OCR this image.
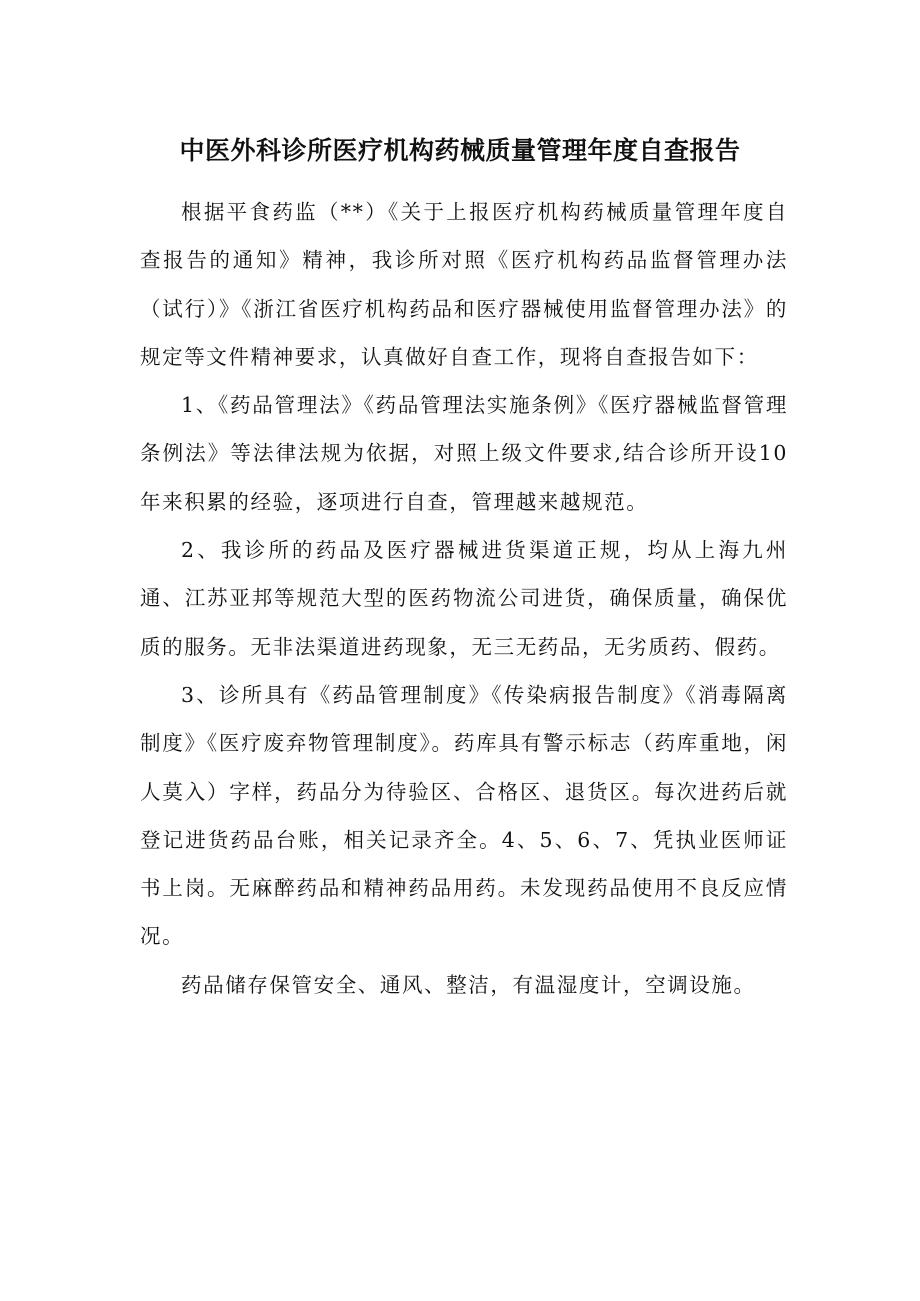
中医外科诊所医疗机构药械质量管理年度自查报告

根据平食药监（**）《关于上报医疗机构药械质量管理年度自查报告的通知》精神，我诊所对照《医疗机构药品监督管理办法（试行）》《浙江省医疗机构药品和医疗器械使用监督管理办法》的规定等文件精神要求，认真做好自查工作，现将自查报告如下：

1、《药品管理法》《药品管理法实施条例》《医疗器械监督管理条例法》等法律法规为依据，对照上级文件要求,结合诊所开设10年来积累的经验，逐项进行自查，管理越来越规范。

2、我诊所的药品及医疗器械进货渠道正规，均从上海九州通、江苏亚邦等规范大型的医药物流公司进货，确保质量，确保优质的服务。无非法渠道进药现象，无三无药品，无劣质药、假药。

3、诊所具有《药品管理制度》《传染病报告制度》《消毒隔离制度》《医疗废弃物管理制度》。药库具有警示标志（药库重地，闲人莫入）字样，药品分为待验区、合格区、退货区。每次进药后就登记进货药品台账，相关记录齐全。4、5、6、7、凭执业医师证书上岗。无麻醉药品和精神药品用药。未发现药品使用不良反应情况。

药品储存保管安全、通风、整洁，有温湿度计，空调设施。
